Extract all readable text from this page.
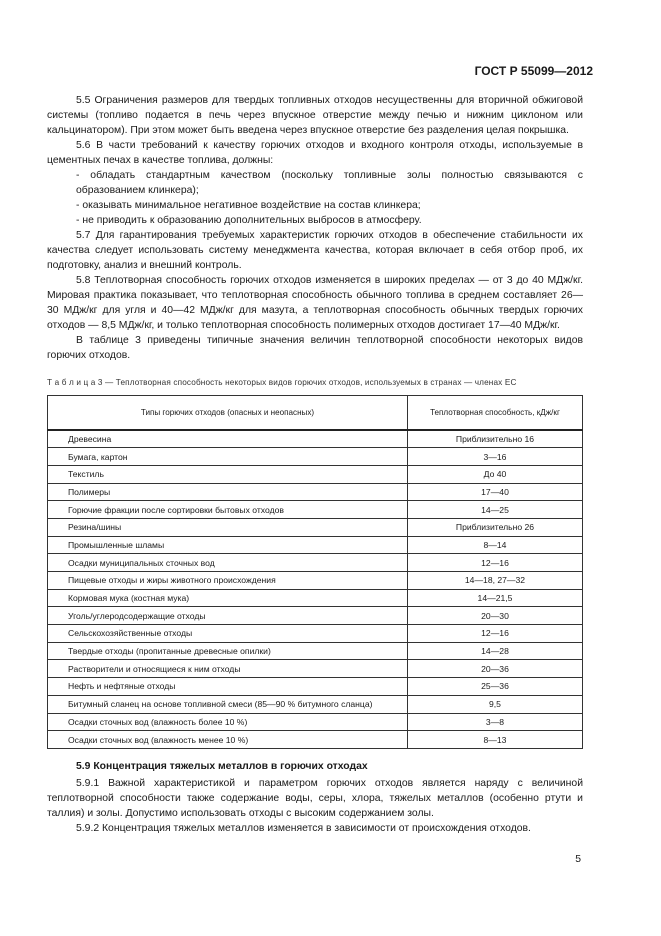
ГОСТ Р 55099—2012

5.5 Ограничения размеров для твердых топливных отходов несущественны для вторичной обжиговой системы (топливо подается в печь через впускное отверстие между печью и нижним циклоном или кальцинатором). При этом может быть введена через впускное отверстие без разделения целая покрышка.

5.6 В части требований к качеству горючих отходов и входного контроля отходы, используемые в цементных печах в качестве топлива, должны:

- обладать стандартным качеством (поскольку топливные золы полностью связываются с образованием клинкера);

- оказывать минимальное негативное воздействие на состав клинкера;

- не приводить к образованию дополнительных выбросов в атмосферу.

5.7 Для гарантирования требуемых характеристик горючих отходов в обеспечение стабильности их качества следует использовать систему менеджмента качества, которая включает в себя отбор проб, их подготовку, анализ и внешний контроль.

5.8 Теплотворная способность горючих отходов изменяется в широких пределах — от 3 до 40 МДж/кг. Мировая практика показывает, что теплотворная способность обычного топлива в среднем составляет 26—30 МДж/кг для угля и 40—42 МДж/кг для мазута, а теплотворная способность обычных твердых горючих отходов — 8,5 МДж/кг, и только теплотворная способность полимерных отходов достигает 17—40 МДж/кг.

В таблице 3 приведены типичные значения величин теплотворной способности некоторых видов горючих отходов.

Т а б л и ц а 3 — Теплотворная способность некоторых видов горючих отходов, используемых в странах — членах ЕС

Типы горючих отходов (опасных и неопасных)	Теплотворная способность, кДж/кг
Древесина	Приблизительно 16
Бумага, картон	3—16
Текстиль	До 40
Полимеры	17—40
Горючие фракции после сортировки бытовых отходов	14—25
Резина/шины	Приблизительно 26
Промышленные шламы	8—14
Осадки муниципальных сточных вод	12—16
Пищевые отходы и жиры животного происхождения	14—18, 27—32
Кормовая мука (костная мука)	14—21,5
Уголь/углеродсодержащие отходы	20—30
Сельскохозяйственные отходы	12—16
Твердые отходы (пропитанные древесные опилки)	14—28
Растворители и относящиеся к ним отходы	20—36
Нефть и нефтяные отходы	25—36
Битумный сланец на основе топливной смеси (85—90 % битумного сланца)	9,5
Осадки сточных вод (влажность более 10 %)	3—8
Осадки сточных вод (влажность менее 10 %)	8—13
5.9 Концентрация тяжелых металлов в горючих отходах

5.9.1 Важной характеристикой и параметром горючих отходов является наряду с величиной теплотворной способности также содержание воды, серы, хлора, тяжелых металлов (особенно ртути и таллия) и золы. Допустимо использовать отходы с высоким содержанием золы.

5.9.2 Концентрация тяжелых металлов изменяется в зависимости от происхождения отходов.

5
